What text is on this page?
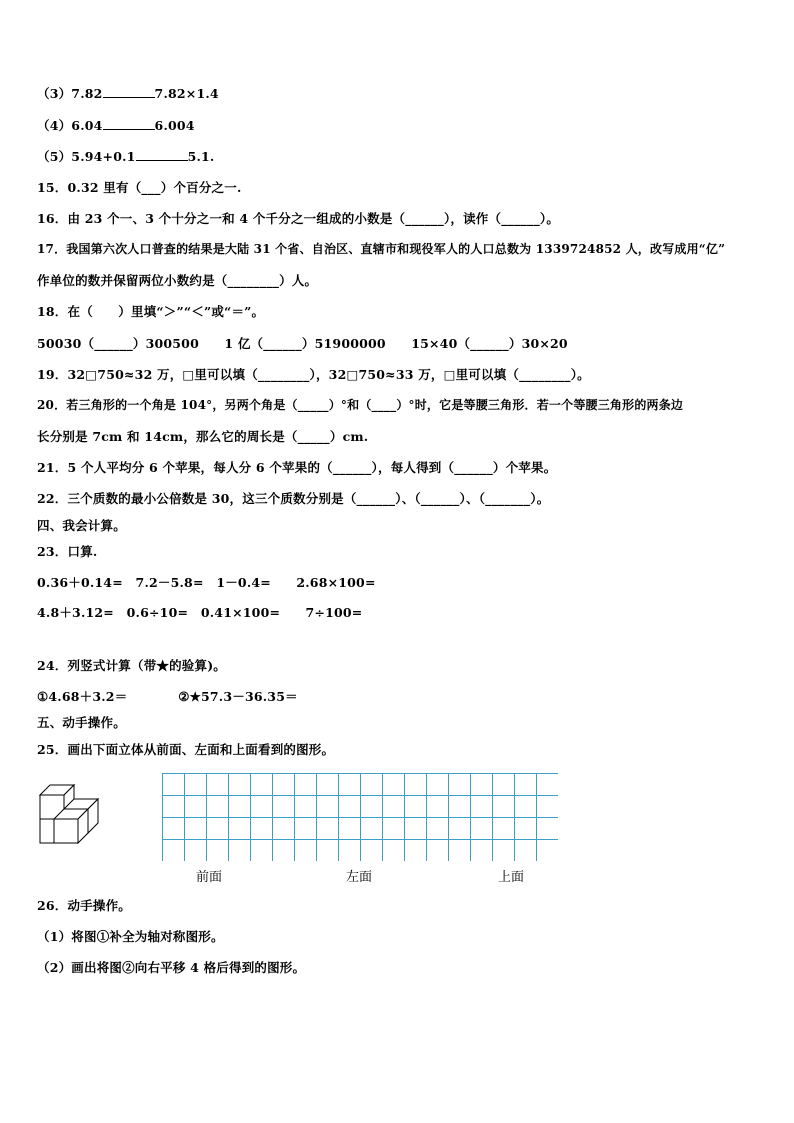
（3）7.82	7.82×1.4
（4）6.04	6.004
（5）5.94+0.1	5.1.
15．0.32 里有（___）个百分之一.
16．由 23 个一、3 个十分之一和 4 个千分之一组成的小数是（______），读作（______）。
17．我国第六次人口普查的结果是大陆 31 个省、自治区、直辖市和现役军人的人口总数为 1339724852 人，改写成用“亿”
作单位的数并保留两位小数约是（________）人。
18．在（　　）里填“＞”“＜”或“＝”。
50030（______）300500　　1 亿（______）51900000　　15×40（______）30×20
19．32□750≈32 万，□里可以填（________），32□750≈33 万，□里可以填（________）。
20．若三角形的一个角是 104°，另两个角是（_____）°和（____）°时，它是等腰三角形．若一个等腰三角形的两条边
长分别是 7cm 和 14cm，那么它的周长是（_____）cm.
21．5 个人平均分 6 个苹果，每人分 6 个苹果的（______），每人得到（______）个苹果。
22．三个质数的最小公倍数是 30，这三个质数分别是（______）、（______）、（_______）。
四、我会计算。
23．口算.
0.36＋0.14=　7.2－5.8=　1－0.4=　　2.68×100=
4.8＋3.12=　0.6÷10=　0.41×100=　　7÷100=
24．列竖式计算（带★的验算)。
①4.68＋3.2＝　　　　②★57.3－36.35＝
五、动手操作。
25．画出下面立体从前面、左面和上面看到的图形。
前面	左面	上面
26．动手操作。
（1）将图①补全为轴对称图形。
（2）画出将图②向右平移 4 格后得到的图形。
